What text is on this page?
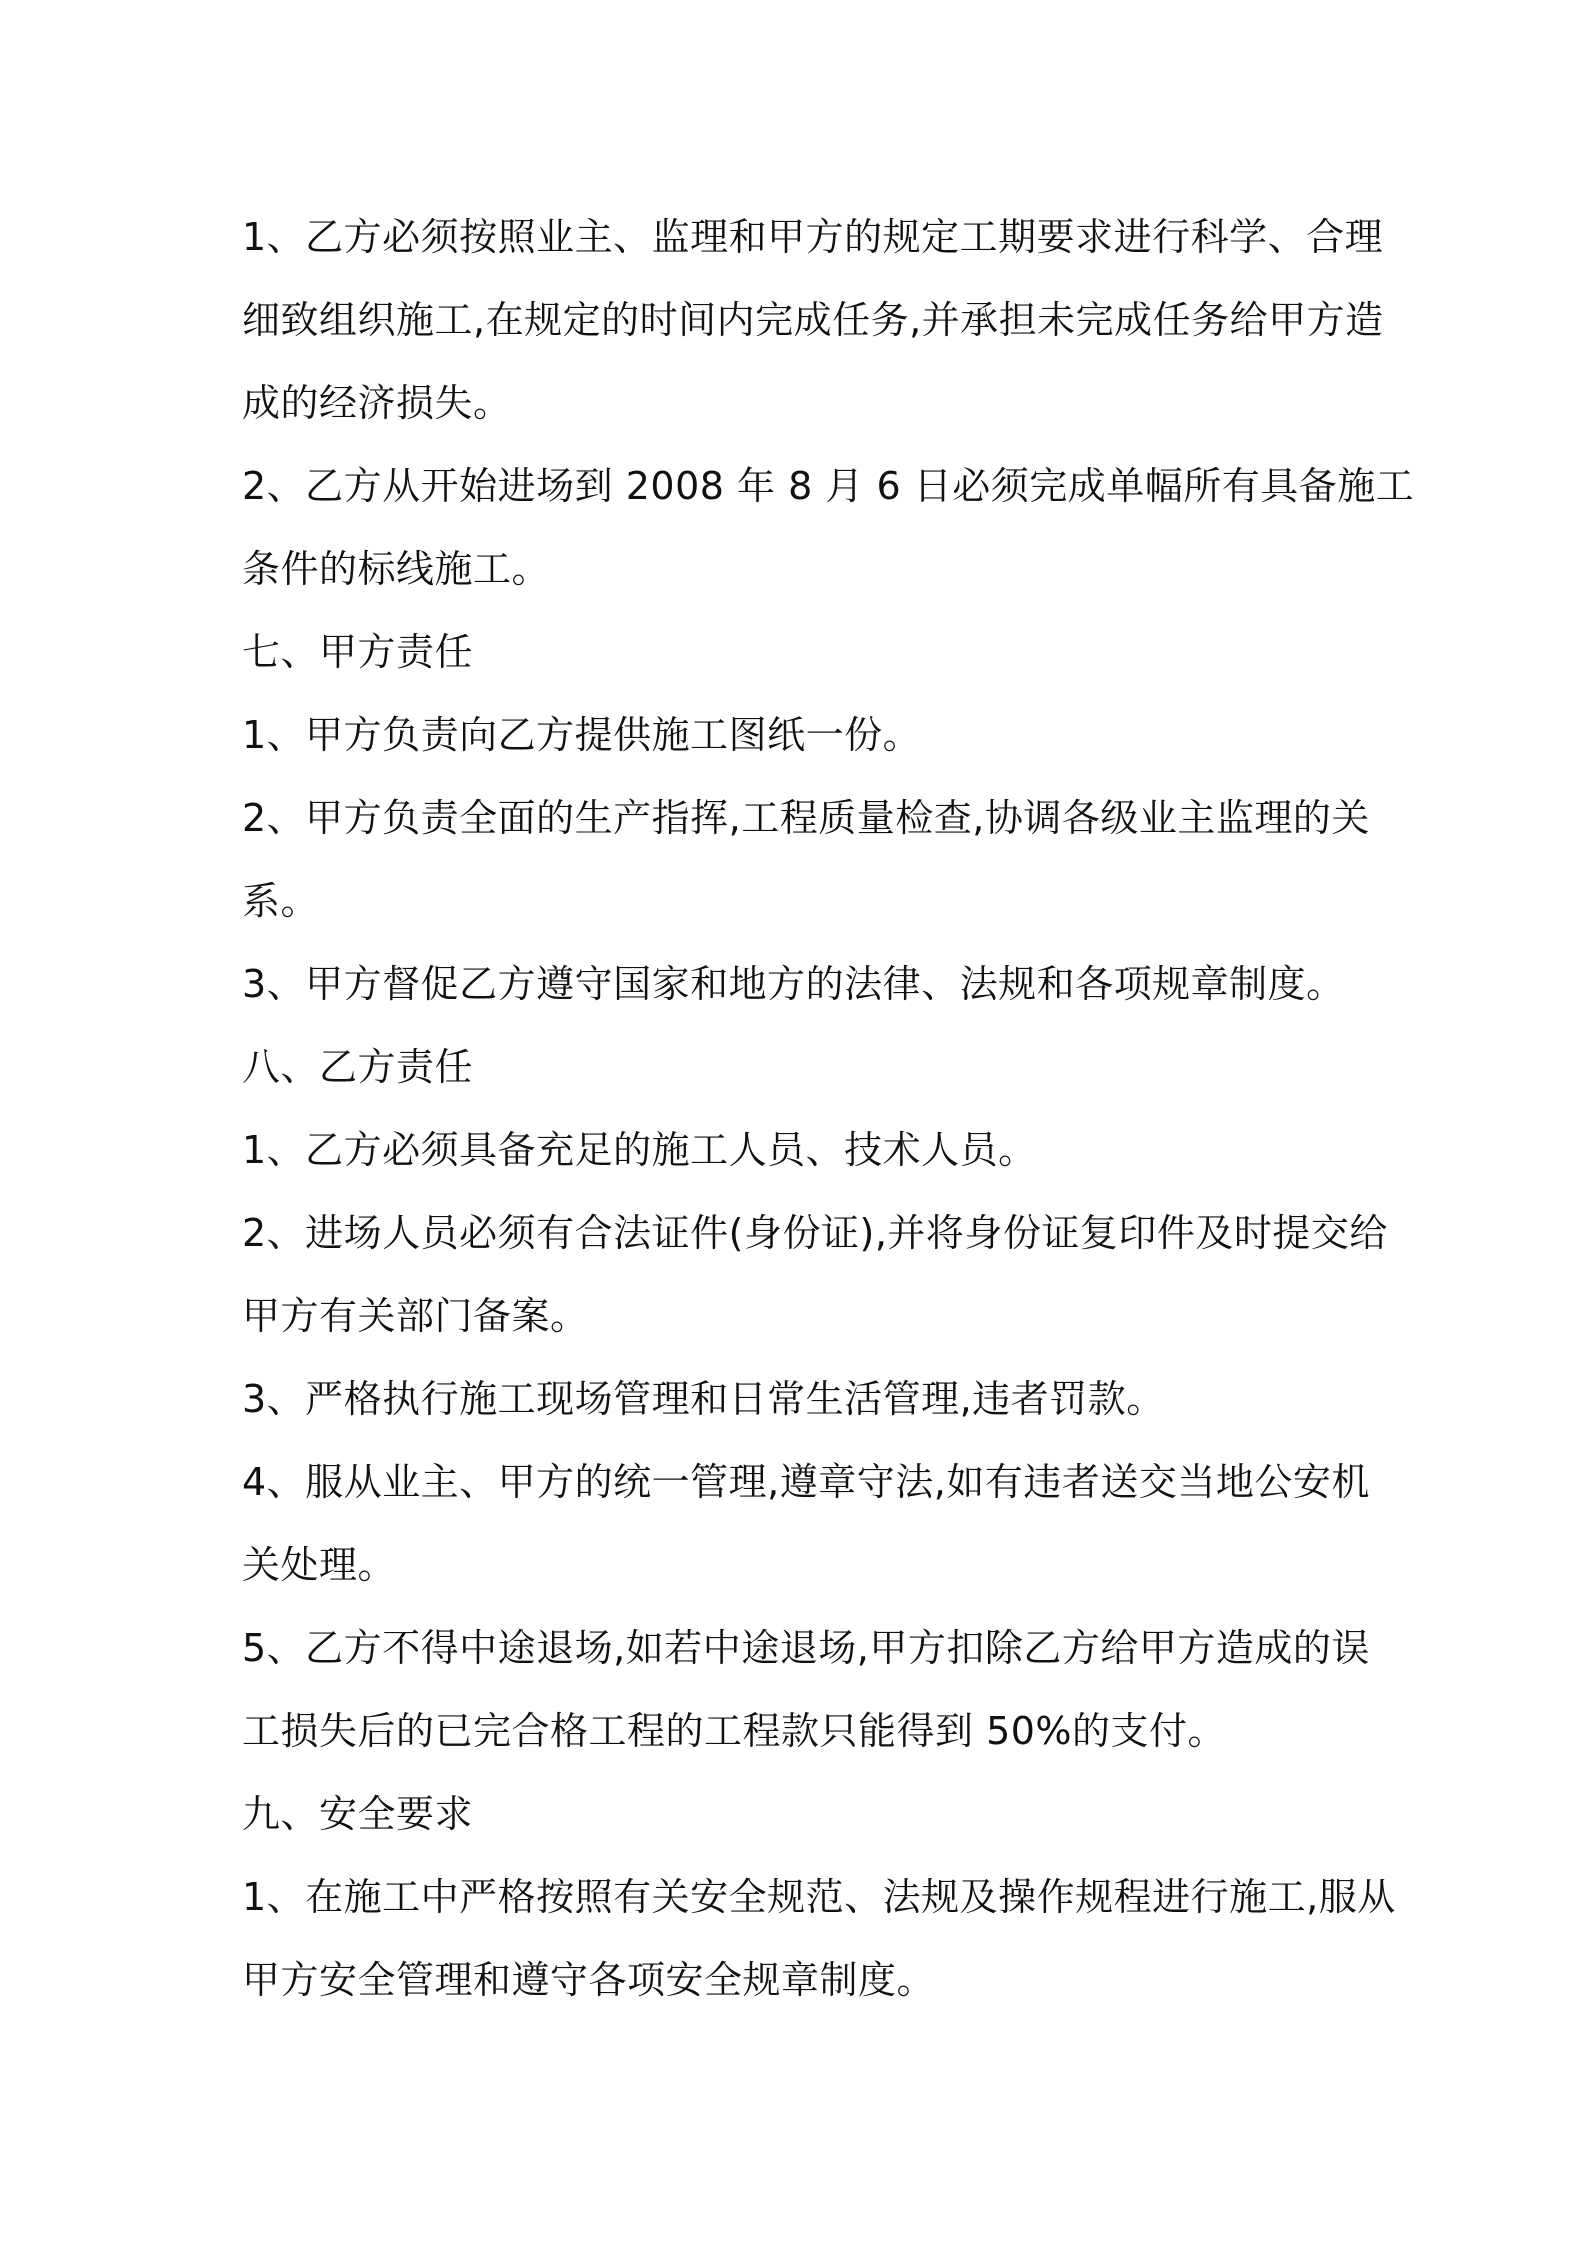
1、乙方必须按照业主、监理和甲方的规定工期要求进行科学、合理
细致组织施工,在规定的时间内完成任务,并承担未完成任务给甲方造
成的经济损失。
2、乙方从开始进场到 2008 年 8 月 6 日必须完成单幅所有具备施工
条件的标线施工。
七、甲方责任
1、甲方负责向乙方提供施工图纸一份。
2、甲方负责全面的生产指挥,工程质量检查,协调各级业主监理的关
系。
3、甲方督促乙方遵守国家和地方的法律、法规和各项规章制度。
八、乙方责任
1、乙方必须具备充足的施工人员、技术人员。
2、进场人员必须有合法证件(身份证),并将身份证复印件及时提交给
甲方有关部门备案。
3、严格执行施工现场管理和日常生活管理,违者罚款。
4、服从业主、甲方的统一管理,遵章守法,如有违者送交当地公安机
关处理。
5、乙方不得中途退场,如若中途退场,甲方扣除乙方给甲方造成的误
工损失后的已完合格工程的工程款只能得到 50%的支付。
九、安全要求
1、在施工中严格按照有关安全规范、法规及操作规程进行施工,服从
甲方安全管理和遵守各项安全规章制度。
